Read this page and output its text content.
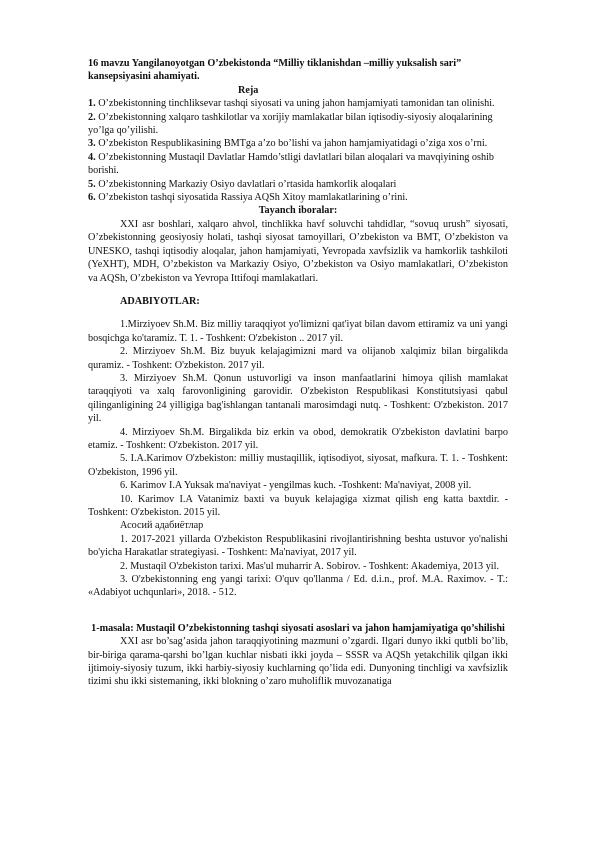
16 mavzu Yangilanoyotgan O’zbekistonda “Milliy tiklanishdan –milliy yuksalish sari” kansepsiyasini ahamiyati.

Reja

1. O’zbekistonning tinchliksevar tashqi siyosati va uning jahon hamjamiyati tamonidan tan olinishi.

2. O’zbekistonning xalqaro tashkilotlar va xorijiy mamlakatlar bilan iqtisodiy-siyosiy aloqalarining yo’lga qo’yilishi.

3. O’zbekiston Respublikasining BMTga a’zo bo’lishi va jahon hamjamiyatidagi o’ziga xos o’rni.

4. O’zbekistonning Mustaqil Davlatlar Hamdo’stligi davlatlari bilan aloqalari va mavqiyining oshib borishi.

5. O’zbekistonning Markaziy Osiyo davlatlari o’rtasida hamkorlik aloqalari

6. O’zbekiston tashqi siyosatida Rassiya AQSh Xitoy mamlakatlarining o’rini.

Tayanch iboralar:

XXI asr boshlari, xalqaro ahvol, tinchlikka havf soluvchi tahdidlar, “sovuq urush” siyosati, O’zbekistonning geosiyosiy holati, tashqi siyosat tamoyillari, O’zbekiston va BMT, O’zbekiston va UNESKO, tashqi iqtisodiy aloqalar, jahon hamjamiyati, Yevropada xavfsizlik va hamkorlik tashkiloti (YeXHT), MDH, O’zbekiston va Markaziy Osiyo, O’zbekiston va Osiyo mamlakatlari, O’zbekiston va AQSh, O’zbekiston va Yevropa Ittifoqi mamlakatlari.

ADABIYOTLAR:

1.Mirziyoev Sh.M. Biz milliy taraqqiyot yo'limizni qat'iyat bilan davom ettiramiz va uni yangi bosqichga ko'taramiz. T. 1. - Toshkent: O'zbekiston .. 2017 yil.

2. Mirziyoev Sh.M. Biz buyuk kelajagimizni mard va olijanob xalqimiz bilan birgalikda quramiz. - Toshkent: O'zbekiston. 2017 yil.

3. Mirziyoev Sh.M. Qonun ustuvorligi va inson manfaatlarini himoya qilish mamlakat taraqqiyoti va xalq farovonligining garovidir. O'zbekiston Respublikasi Konstitutsiyasi qabul qilinganligining 24 yilligiga bag'ishlangan tantanali marosimdagi nutq. - Toshkent: O'zbekiston. 2017 yil.

4. Mirziyoev Sh.M. Birgalikda biz erkin va obod, demokratik O'zbekiston davlatini barpo etamiz. - Toshkent: O'zbekiston. 2017 yil.

5. I.A.Karimov O'zbekiston: milliy mustaqillik, iqtisodiyot, siyosat, mafkura. T. 1. - Toshkent: O'zbekiston, 1996 yil.

6. Karimov I.A Yuksak ma'naviyat - yengilmas kuch. -Toshkent: Ma'naviyat, 2008 yil.

10. Karimov I.A Vatanimiz baxti va buyuk kelajagiga xizmat qilish eng katta baxtdir. - Toshkent: O'zbekiston. 2015 yil.

Асосий адабиётлар

1. 2017-2021 yillarda O'zbekiston Respublikasini rivojlantirishning beshta ustuvor yo'nalishi bo'yicha Harakatlar strategiyasi. - Toshkent: Ma'naviyat, 2017 yil.

2. Mustaqil O'zbekiston tarixi. Mas'ul muharrir A. Sobirov. - Toshkent: Akademiya, 2013 yil.

3. O'zbekistonning eng yangi tarixi: O'quv qo'llanma / Ed. d.i.n., prof. M.A. Raximov. - T.: «Adabiyot uchqunlari», 2018. - 512.

1-masala: Mustaqil O’zbekistonning tashqi siyosati asoslari va jahon hamjamiyatiga qo’shilishi

XXI asr bo’sag’asida jahon taraqqiyotining mazmuni o’zgardi. Ilgari dunyo ikki qutbli bo’lib, bir-biriga qarama-qarshi bo’lgan kuchlar nisbati ikki joyda – SSSR va AQSh yetakchilik qilgan ikki ijtimoiy-siyosiy tuzum, ikki harbiy-siyosiy kuchlarning qo’lida edi. Dunyoning tinchligi va xavfsizlik tizimi shu ikki sistemaning, ikki blokning o’zaro muholiflik muvozanatiga
